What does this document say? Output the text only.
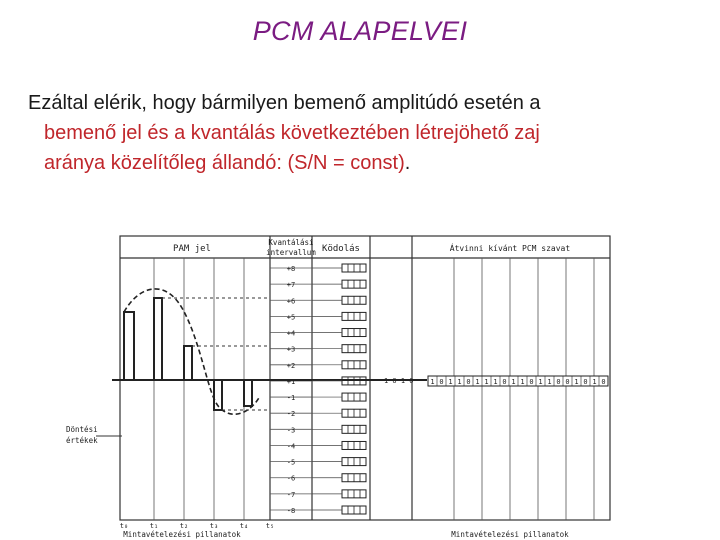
PCM ALAPELVEI
Ezáltal elérik, hogy bármilyen bemenő amplitúdó esetén a
bemenő jel és a kvantálás következtében létrejöhető zaj
aránya közelítőleg állandó: (S/N = const).
1 0 1 0 1 0 1 1 0 1 1 1 0 1 1 0 1 1 0 0 1 0 1 0
PAM jel
Kvantálási
intervallum Ködolás	Átvinni kívánt PCM szavat
+8
+7
+6
+5
+4
+3
+2
+1
-1
-2
-3
-4
-5
-6
-7
-8
Döntési
értékek
t₀	t₁	t₂	t₃	t₄	t₅
Mintavételezési pillanatok	Mintavételezési pillanatok
